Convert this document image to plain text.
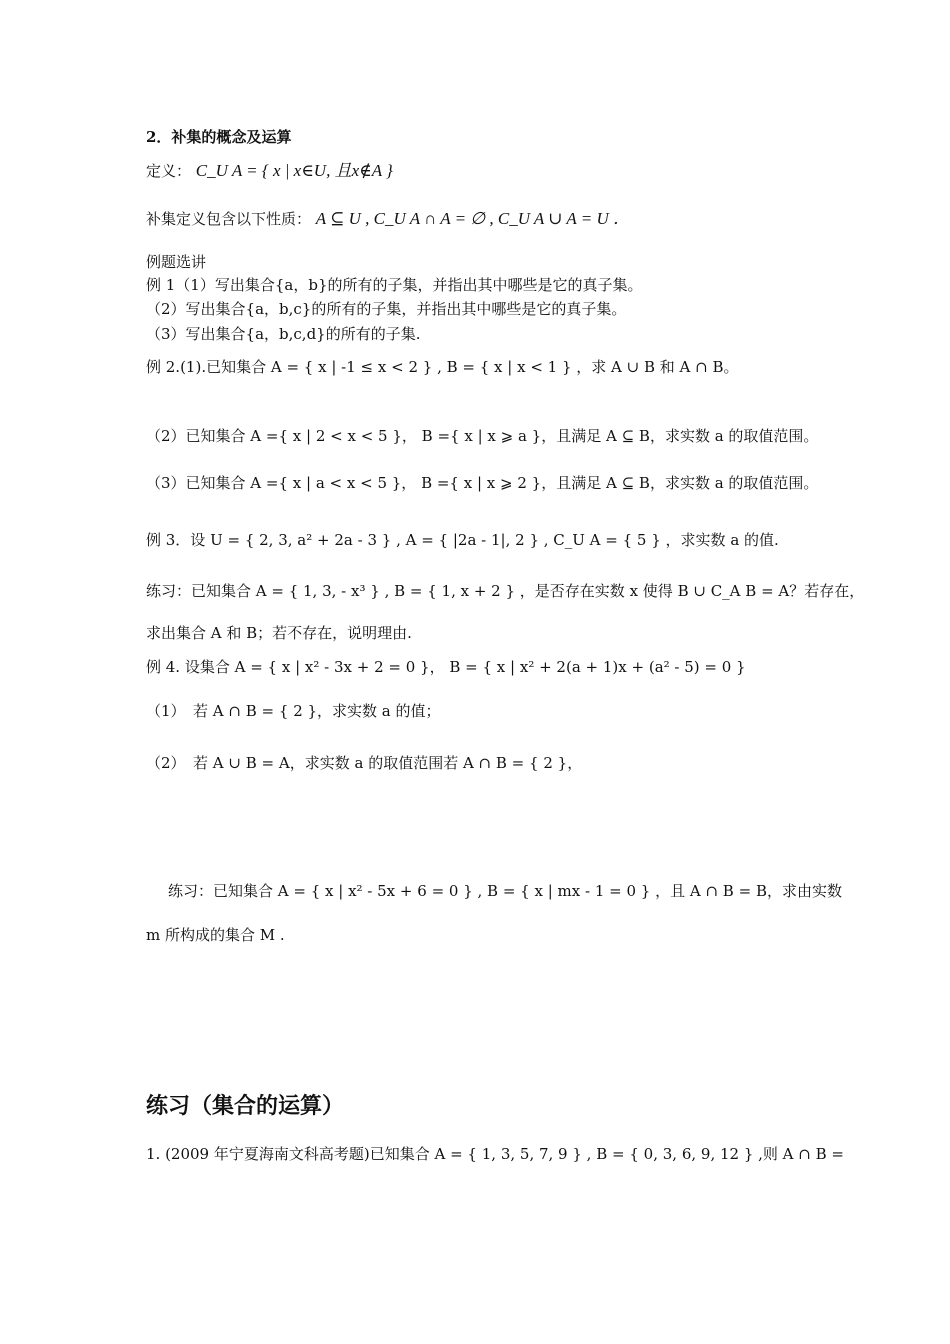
2．补集的概念及运算
定义： C_U A = { x | x∈U, 且x∉A }
补集定义包含以下性质： A ⊆ U , C_U A ∩ A = ∅ , C_U A ∪ A = U ．
例题选讲
例 1（1）写出集合{a，b}的所有的子集，并指出其中哪些是它的真子集。
（2）写出集合{a，b,c}的所有的子集，并指出其中哪些是它的真子集。
（3）写出集合{a，b,c,d}的所有的子集.
例 2.(1).已知集合 A = { x | -1 ≤ x < 2 } , B = { x | x < 1 } ，求 A ∪ B 和 A ∩ B。
（2）已知集合 A ={ x | 2 < x < 5 }， B ={ x | x ⩾ a }，且满足 A ⊆ B，求实数 a 的取值范围。
（3）已知集合 A ={ x | a < x < 5 }， B ={ x | x ⩾ 2 }，且满足 A ⊆ B，求实数 a 的取值范围。
例 3．设 U = { 2, 3, a² + 2a - 3 } , A = { |2a - 1|, 2 } , C_U A = { 5 } ，求实数 a 的值.
练习：已知集合 A = { 1, 3, - x³ } , B = { 1, x + 2 } ，是否存在实数 x 使得 B ∪ C_A B = A？若存在，
求出集合 A 和 B；若不存在，说明理由.
例 4. 设集合 A = { x | x² - 3x + 2 = 0 }， B = { x | x² + 2(a + 1)x + (a² - 5) = 0 }
（1）　若 A ∩ B = { 2 }，求实数 a 的值；
（2）　若 A ∪ B = A，求实数 a 的取值范围若 A ∩ B = { 2 }，
练习：已知集合 A = { x | x² - 5x + 6 = 0 } , B = { x | mx - 1 = 0 } ，且 A ∩ B = B，求由实数
m 所构成的集合 M .
练习（集合的运算）
1. (2009 年宁夏海南文科高考题)已知集合 A = { 1, 3, 5, 7, 9 } , B = { 0, 3, 6, 9, 12 } ,则 A ∩ B =
